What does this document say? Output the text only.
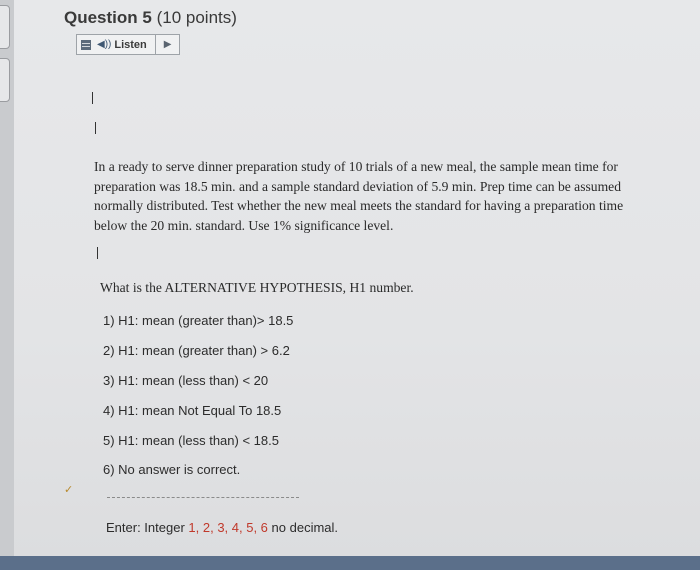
Question 5 (10 points)
◀)) Listen ▶

In a ready to serve dinner preparation study of 10 trials of a new meal, the sample mean time for preparation was 18.5 min. and a sample standard deviation of 5.9 min. Prep time can be assumed normally distributed. Test whether the new meal meets the standard for having a preparation time below the 20 min. standard. Use 1% significance level.

What is the ALTERNATIVE HYPOTHESIS, H1 number.
1) H1: mean (greater than)> 18.5
2) H1: mean (greater than) > 6.2
3) H1: mean (less than) < 20
4) H1: mean Not Equal To 18.5
5) H1: mean (less than) < 18.5
6) No answer is correct.
✓
Enter: Integer 1, 2, 3, 4, 5, 6 no decimal.
